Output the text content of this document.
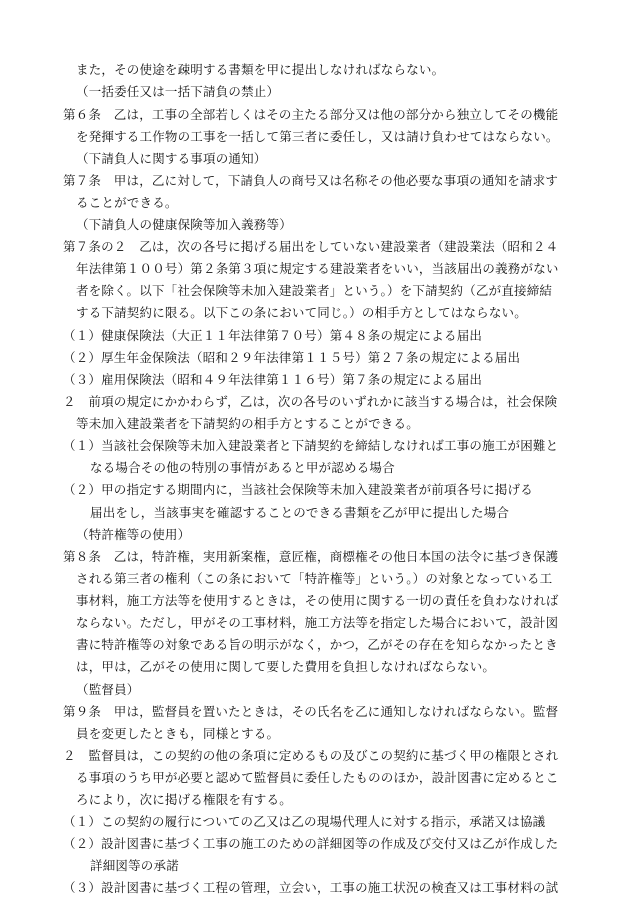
また，その使途を疎明する書類を甲に提出しなければならない。
（一括委任又は一括下請負の禁止）
第６条　乙は，工事の全部若しくはその主たる部分又は他の部分から独立してその機能
を発揮する工作物の工事を一括して第三者に委任し，又は請け負わせてはならない。
（下請負人に関する事項の通知）
第７条　甲は，乙に対して，下請負人の商号又は名称その他必要な事項の通知を請求す
ることができる。
（下請負人の健康保険等加入義務等）
第７条の２　乙は，次の各号に掲げる届出をしていない建設業者（建設業法（昭和２４
年法律第１００号）第２条第３項に規定する建設業者をいい，当該届出の義務がない
者を除く。以下「社会保険等未加入建設業者」という。）を下請契約（乙が直接締結
する下請契約に限る。以下この条において同じ。）の相手方としてはならない。
（１）健康保険法（大正１１年法律第７０号）第４８条の規定による届出
（２）厚生年金保険法（昭和２９年法律第１１５号）第２７条の規定による届出
（３）雇用保険法（昭和４９年法律第１１６号）第７条の規定による届出
２　前項の規定にかかわらず，乙は，次の各号のいずれかに該当する場合は，社会保険
等未加入建設業者を下請契約の相手方とすることができる。
（１）当該社会保険等未加入建設業者と下請契約を締結しなければ工事の施工が困難と
なる場合その他の特別の事情があると甲が認める場合
（２）甲の指定する期間内に，当該社会保険等未加入建設業者が前項各号に掲げる
届出をし，当該事実を確認することのできる書類を乙が甲に提出した場合
（特許権等の使用）
第８条　乙は，特許権，実用新案権，意匠権，商標権その他日本国の法令に基づき保護
される第三者の権利（この条において「特許権等」という。）の対象となっている工
事材料，施工方法等を使用するときは，その使用に関する一切の責任を負わなければ
ならない。ただし，甲がその工事材料，施工方法等を指定した場合において，設計図
書に特許権等の対象である旨の明示がなく，かつ，乙がその存在を知らなかったとき
は，甲は，乙がその使用に関して要した費用を負担しなければならない。
（監督員）
第９条　甲は，監督員を置いたときは，その氏名を乙に通知しなければならない。監督
員を変更したときも，同様とする。
２　監督員は，この契約の他の条項に定めるもの及びこの契約に基づく甲の権限とされ
る事項のうち甲が必要と認めて監督員に委任したもののほか，設計図書に定めるとこ
ろにより，次に掲げる権限を有する。
（１）この契約の履行についての乙又は乙の現場代理人に対する指示，承諾又は協議
（２）設計図書に基づく工事の施工のための詳細図等の作成及び交付又は乙が作成した
詳細図等の承諾
（３）設計図書に基づく工程の管理，立会い，工事の施工状況の検査又は工事材料の試
